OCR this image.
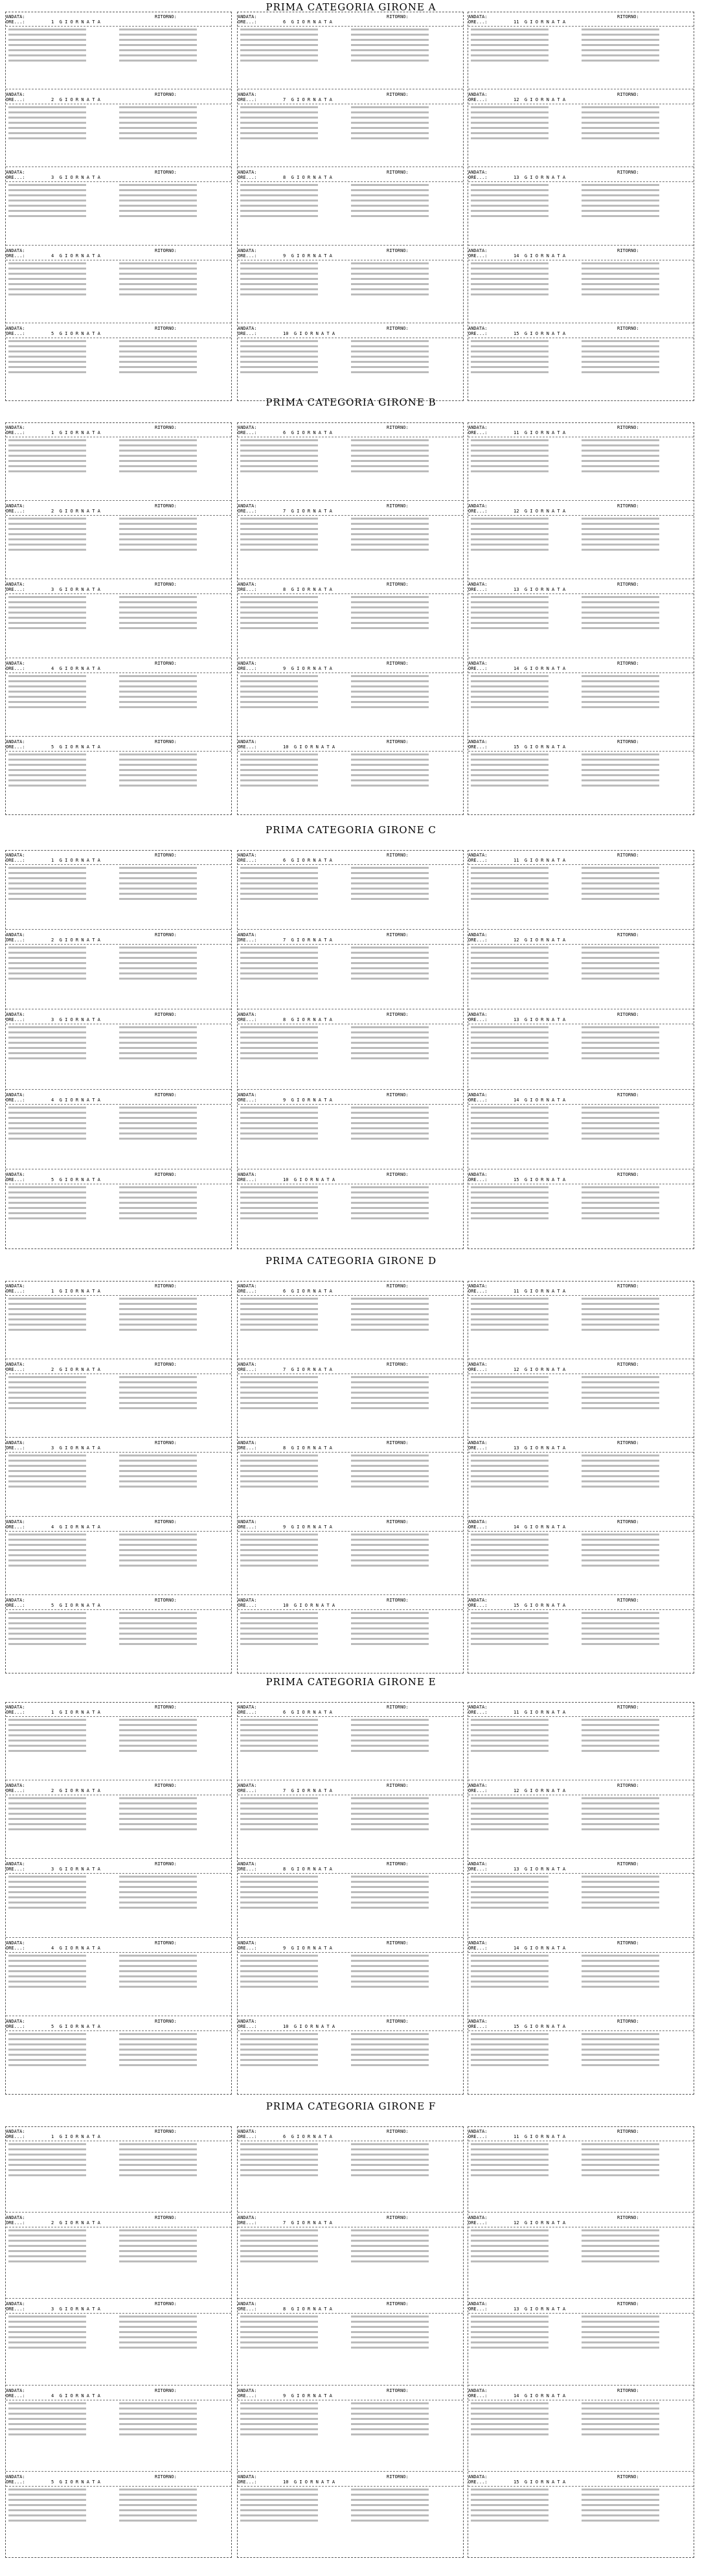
PRIMA CATEGORIA GIRONE A
ANDATA:	RITORNO:
ORE...:	1  G I O R N A T A
ANDATA:	RITORNO:
ORE...:	2  G I O R N A T A
ANDATA:	RITORNO:
ORE...:	3  G I O R N A T A
ANDATA:	RITORNO:
ORE...:	4  G I O R N A T A
ANDATA:	RITORNO:
ORE...:	5  G I O R N A T A
ANDATA:	RITORNO:
ORE...:	6  G I O R N A T A
ANDATA:	RITORNO:
ORE...:	7  G I O R N A T A
ANDATA:	RITORNO:
ORE...:	8  G I O R N A T A
ANDATA:	RITORNO:
ORE...:	9  G I O R N A T A
ANDATA:	RITORNO:
ORE...:	10  G I O R N A T A
ANDATA:	RITORNO:
ORE...:	11  G I O R N A T A
ANDATA:	RITORNO:
ORE...:	12  G I O R N A T A
ANDATA:	RITORNO:
ORE...:	13  G I O R N A T A
ANDATA:	RITORNO:
ORE...:	14  G I O R N A T A
ANDATA:	RITORNO:
ORE...:	15  G I O R N A T A
PRIMA CATEGORIA GIRONE B
ANDATA:	RITORNO:
ORE...:	1  G I O R N A T A
ANDATA:	RITORNO:
ORE...:	2  G I O R N A T A
ANDATA:	RITORNO:
ORE...:	3  G I O R N A T A
ANDATA:	RITORNO:
ORE...:	4  G I O R N A T A
ANDATA:	RITORNO:
ORE...:	5  G I O R N A T A
ANDATA:	RITORNO:
ORE...:	6  G I O R N A T A
ANDATA:	RITORNO:
ORE...:	7  G I O R N A T A
ANDATA:	RITORNO:
ORE...:	8  G I O R N A T A
ANDATA:	RITORNO:
ORE...:	9  G I O R N A T A
ANDATA:	RITORNO:
ORE...:	10  G I O R N A T A
ANDATA:	RITORNO:
ORE...:	11  G I O R N A T A
ANDATA:	RITORNO:
ORE...:	12  G I O R N A T A
ANDATA:	RITORNO:
ORE...:	13  G I O R N A T A
ANDATA:	RITORNO:
ORE...:	14  G I O R N A T A
ANDATA:	RITORNO:
ORE...:	15  G I O R N A T A
PRIMA CATEGORIA GIRONE C
ANDATA:	RITORNO:
ORE...:	1  G I O R N A T A
ANDATA:	RITORNO:
ORE...:	2  G I O R N A T A
ANDATA:	RITORNO:
ORE...:	3  G I O R N A T A
ANDATA:	RITORNO:
ORE...:	4  G I O R N A T A
ANDATA:	RITORNO:
ORE...:	5  G I O R N A T A
ANDATA:	RITORNO:
ORE...:	6  G I O R N A T A
ANDATA:	RITORNO:
ORE...:	7  G I O R N A T A
ANDATA:	RITORNO:
ORE...:	8  G I O R N A T A
ANDATA:	RITORNO:
ORE...:	9  G I O R N A T A
ANDATA:	RITORNO:
ORE...:	10  G I O R N A T A
ANDATA:	RITORNO:
ORE...:	11  G I O R N A T A
ANDATA:	RITORNO:
ORE...:	12  G I O R N A T A
ANDATA:	RITORNO:
ORE...:	13  G I O R N A T A
ANDATA:	RITORNO:
ORE...:	14  G I O R N A T A
ANDATA:	RITORNO:
ORE...:	15  G I O R N A T A
PRIMA CATEGORIA GIRONE D
ANDATA:	RITORNO:
ORE...:	1  G I O R N A T A
ANDATA:	RITORNO:
ORE...:	2  G I O R N A T A
ANDATA:	RITORNO:
ORE...:	3  G I O R N A T A
ANDATA:	RITORNO:
ORE...:	4  G I O R N A T A
ANDATA:	RITORNO:
ORE...:	5  G I O R N A T A
ANDATA:	RITORNO:
ORE...:	6  G I O R N A T A
ANDATA:	RITORNO:
ORE...:	7  G I O R N A T A
ANDATA:	RITORNO:
ORE...:	8  G I O R N A T A
ANDATA:	RITORNO:
ORE...:	9  G I O R N A T A
ANDATA:	RITORNO:
ORE...:	10  G I O R N A T A
ANDATA:	RITORNO:
ORE...:	11  G I O R N A T A
ANDATA:	RITORNO:
ORE...:	12  G I O R N A T A
ANDATA:	RITORNO:
ORE...:	13  G I O R N A T A
ANDATA:	RITORNO:
ORE...:	14  G I O R N A T A
ANDATA:	RITORNO:
ORE...:	15  G I O R N A T A
PRIMA CATEGORIA GIRONE E
ANDATA:	RITORNO:
ORE...:	1  G I O R N A T A
ANDATA:	RITORNO:
ORE...:	2  G I O R N A T A
ANDATA:	RITORNO:
ORE...:	3  G I O R N A T A
ANDATA:	RITORNO:
ORE...:	4  G I O R N A T A
ANDATA:	RITORNO:
ORE...:	5  G I O R N A T A
ANDATA:	RITORNO:
ORE...:	6  G I O R N A T A
ANDATA:	RITORNO:
ORE...:	7  G I O R N A T A
ANDATA:	RITORNO:
ORE...:	8  G I O R N A T A
ANDATA:	RITORNO:
ORE...:	9  G I O R N A T A
ANDATA:	RITORNO:
ORE...:	10  G I O R N A T A
ANDATA:	RITORNO:
ORE...:	11  G I O R N A T A
ANDATA:	RITORNO:
ORE...:	12  G I O R N A T A
ANDATA:	RITORNO:
ORE...:	13  G I O R N A T A
ANDATA:	RITORNO:
ORE...:	14  G I O R N A T A
ANDATA:	RITORNO:
ORE...:	15  G I O R N A T A
PRIMA CATEGORIA GIRONE F
ANDATA:	RITORNO:
ORE...:	1  G I O R N A T A
ANDATA:	RITORNO:
ORE...:	2  G I O R N A T A
ANDATA:	RITORNO:
ORE...:	3  G I O R N A T A
ANDATA:	RITORNO:
ORE...:	4  G I O R N A T A
ANDATA:	RITORNO:
ORE...:	5  G I O R N A T A
ANDATA:	RITORNO:
ORE...:	6  G I O R N A T A
ANDATA:	RITORNO:
ORE...:	7  G I O R N A T A
ANDATA:	RITORNO:
ORE...:	8  G I O R N A T A
ANDATA:	RITORNO:
ORE...:	9  G I O R N A T A
ANDATA:	RITORNO:
ORE...:	10  G I O R N A T A
ANDATA:	RITORNO:
ORE...:	11  G I O R N A T A
ANDATA:	RITORNO:
ORE...:	12  G I O R N A T A
ANDATA:	RITORNO:
ORE...:	13  G I O R N A T A
ANDATA:	RITORNO:
ORE...:	14  G I O R N A T A
ANDATA:	RITORNO:
ORE...:	15  G I O R N A T A
